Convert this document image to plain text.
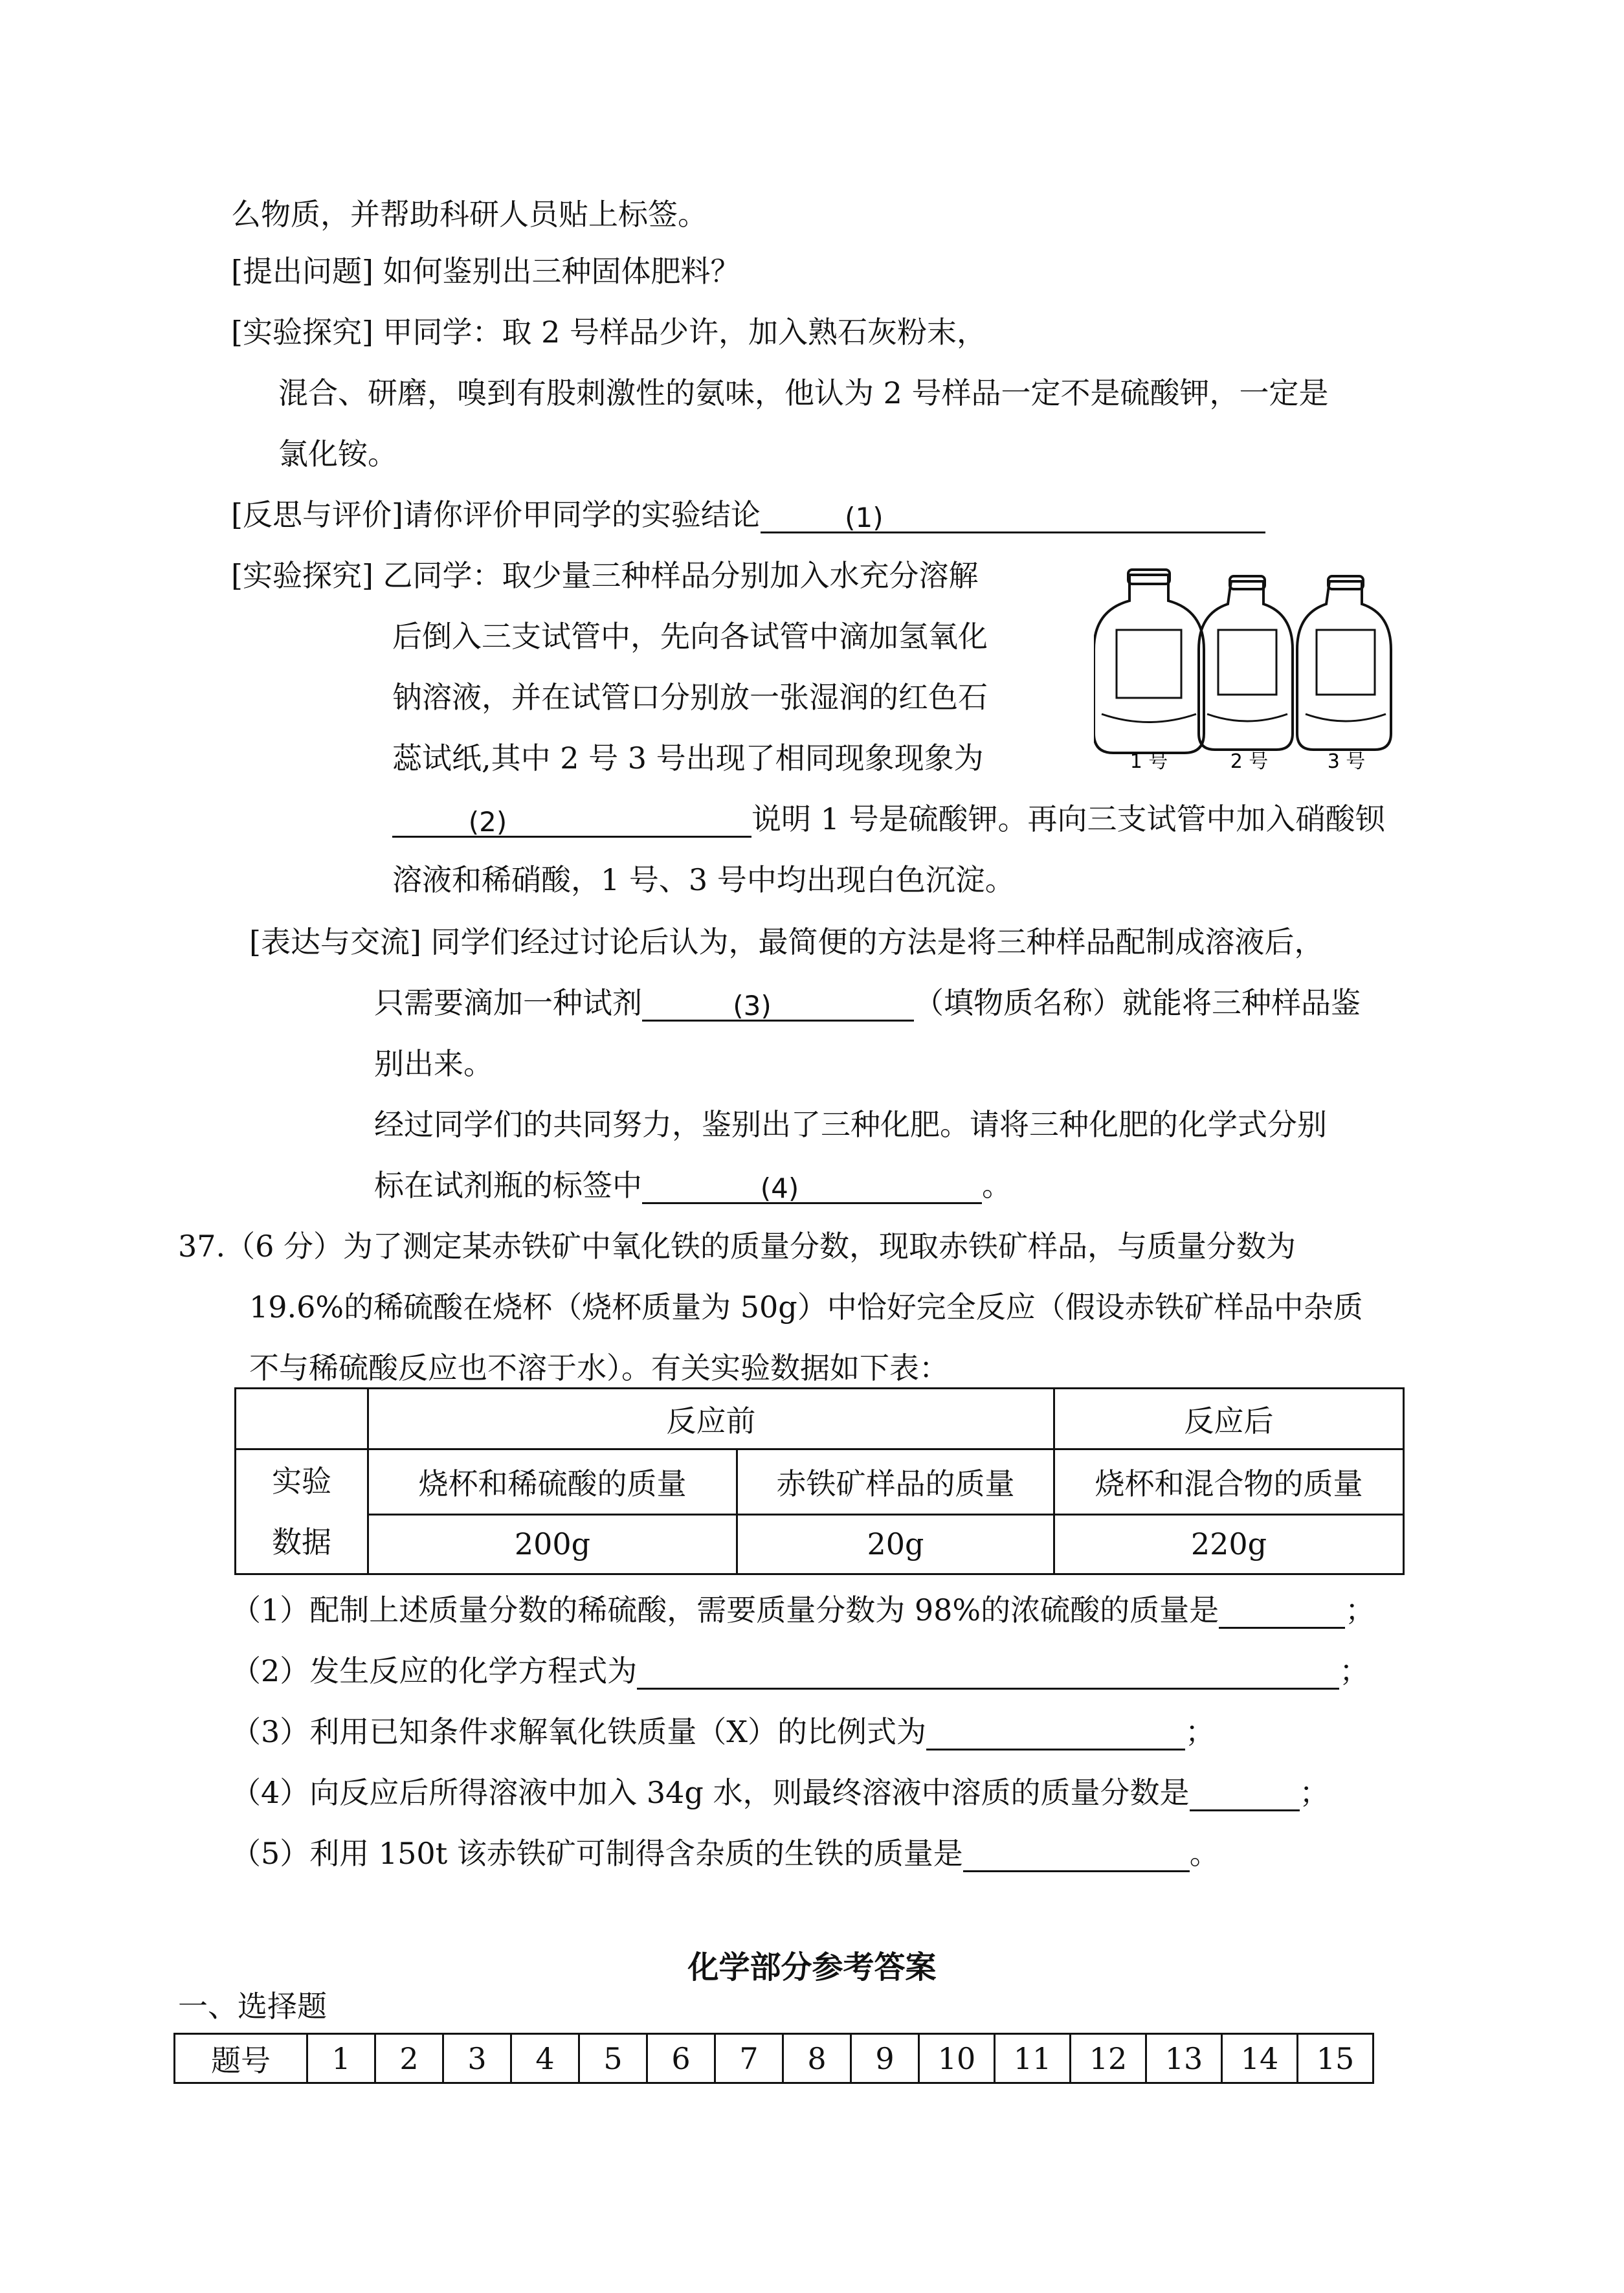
么物质，并帮助科研人员贴上标签。
[提出问题] 如何鉴别出三种固体肥料？
[实验探究] 甲同学：取 2 号样品少许，加入熟石灰粉末，
混合、研磨，嗅到有股刺激性的氨味，他认为 2 号样品一定不是硫酸钾，一定是
氯化铵。
[反思与评价]请你评价甲同学的实验结论	(1)
[实验探究] 乙同学：取少量三种样品分别加入水充分溶解
后倒入三支试管中，先向各试管中滴加氢氧化
钠溶液，并在试管口分别放一张湿润的红色石
蕊试纸,其中 2 号 3 号出现了相同现象现象为
(2)	说明 1 号是硫酸钾。再向三支试管中加入硝酸钡
溶液和稀硝酸，1 号、3 号中均出现白色沉淀。
[表达与交流] 同学们经过讨论后认为，最简便的方法是将三种样品配制成溶液后，
只需要滴加一种试剂	(3)	（填物质名称）就能将三种样品鉴
别出来。
经过同学们的共同努力，鉴别出了三种化肥。请将三种化肥的化学式分别
标在试剂瓶的标签中	(4)	。
1 号	2 号	3 号
37.（6 分）为了测定某赤铁矿中氧化铁的质量分数，现取赤铁矿样品，与质量分数为
19.6%的稀硫酸在烧杯（烧杯质量为 50g）中恰好完全反应（假设赤铁矿样品中杂质
不与稀硫酸反应也不溶于水）。有关实验数据如下表：
	反应前		反应后

实验
数据	烧杯和稀硫酸的质量	赤铁矿样品的质量	烧杯和混合物的质量
	200g	20g	220g
（1）配制上述质量分数的稀硫酸，需要质量分数为 98%的浓硫酸的质量是	；
（2）发生反应的化学方程式为	；
（3）利用已知条件求解氧化铁质量（X）的比例式为	；
（4）向反应后所得溶液中加入 34g 水，则最终溶液中溶质的质量分数是	；
（5）利用 150t 该赤铁矿可制得含杂质的生铁的质量是	。
化学部分参考答案
一、选择题
题号	1	2	3	4	5	6	7	8	9	10	11	12	13	14	15
